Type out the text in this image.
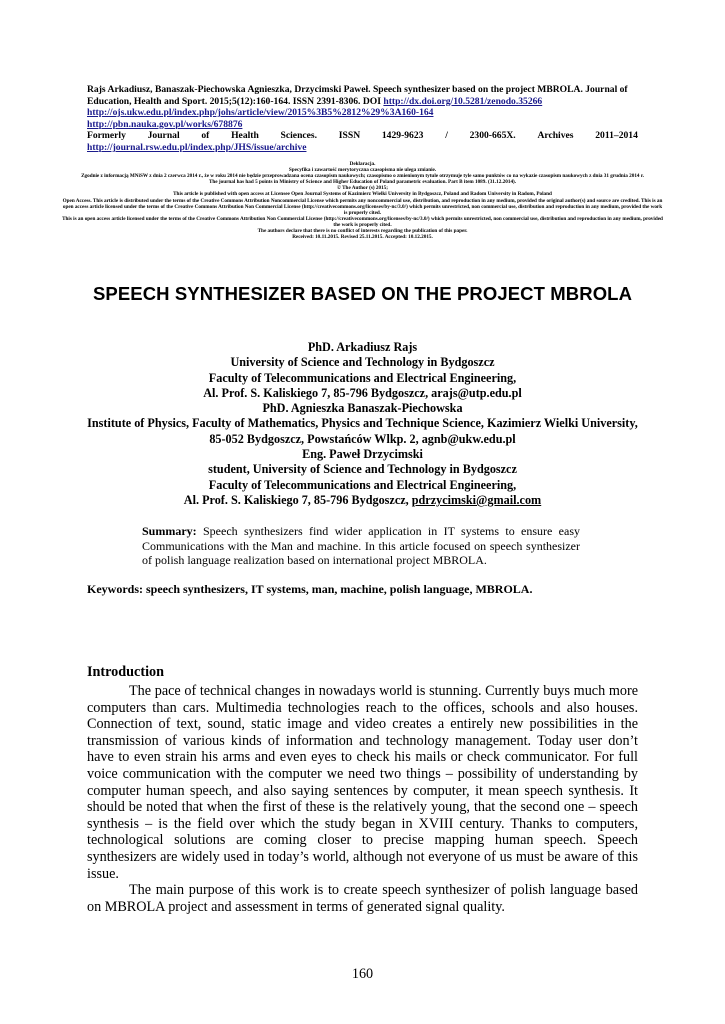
Rajs Arkadiusz, Banaszak-Piechowska Agnieszka, Drzycimski Paweł. Speech synthesizer based on the project MBROLA. Journal of Education, Health and Sport. 2015;5(12):160-164. ISSN 2391-8306. DOI http://dx.doi.org/10.5281/zenodo.35266
http://ojs.ukw.edu.pl/index.php/johs/article/view/2015%3B5%2812%29%3A160-164
http://pbn.nauka.gov.pl/works/678876
Formerly Journal of Health Sciences. ISSN 1429-9623 / 2300-665X. Archives 2011–2014
http://journal.rsw.edu.pl/index.php/JHS/issue/archive
Deklaracja.
Specyfika i zawartość merytoryczna czasopisma nie ulega zmianie.
Zgodnie z informacją MNiSW z dnia 2 czerwca 2014 r., że w roku 2014 nie będzie przeprowadzana ocena czasopism naukowych; czasopismo o zmienionym tytule otrzymuje tyle samo punktów co na wykazie czasopism naukowych z dnia 31 grudnia 2014 r.
The journal has had 5 points in Ministry of Science and Higher Education of Poland parametric evaluation. Part B item 1089. (31.12.2014).
© The Author (s) 2015;
This article is published with open access at Licensee Open Journal Systems of Kazimierz Wielki University in Bydgoszcz, Poland and Radom University in Radom, Poland
Open Access. This article is distributed under the terms of the Creative Commons Attribution Noncommercial License which permits any noncommercial use, distribution, and reproduction in any medium, provided the original author(s) and source are credited. This is an open access article licensed under the terms of the Creative Commons Attribution Non Commercial License (http://creativecommons.org/licenses/by-nc/3.0/) which permits unrestricted, non commercial use, distribution and reproduction in any medium, provided the work is properly cited.
This is an open access article licensed under the terms of the Creative Commons Attribution Non Commercial License (http://creativecommons.org/licenses/by-nc/3.0/) which permits unrestricted, non commercial use, distribution and reproduction in any medium, provided the work is properly cited.
The authors declare that there is no conflict of interests regarding the publication of this paper.
Received: 10.11.2015. Revised 25.11.2015. Accepted: 10.12.2015.
SPEECH SYNTHESIZER BASED ON THE PROJECT MBROLA
PhD. Arkadiusz Rajs
University of Science and Technology in Bydgoszcz
Faculty of Telecommunications and Electrical Engineering,
Al. Prof. S. Kaliskiego 7, 85-796 Bydgoszcz, arajs@utp.edu.pl
PhD. Agnieszka Banaszak-Piechowska
Institute of Physics, Faculty of Mathematics, Physics and Technique Science, Kazimierz Wielki University,
85-052 Bydgoszcz, Powstańców Wlkp. 2, agnb@ukw.edu.pl
Eng. Paweł Drzycimski
student, University of Science and Technology in Bydgoszcz
Faculty of Telecommunications and Electrical Engineering,
Al. Prof. S. Kaliskiego 7, 85-796 Bydgoszcz, pdrzycimski@gmail.com
Summary: Speech synthesizers find wider application in IT systems to ensure easy Communications with the Man and machine. In this article focused on speech synthesizer of polish language realization based on international project MBROLA.
Keywords: speech synthesizers, IT systems, man, machine, polish language, MBROLA.
Introduction

The pace of technical changes in nowadays world is stunning. Currently buys much more computers than cars. Multimedia technologies reach to the offices, schools and also houses. Connection of text, sound, static image and video creates a entirely new possibilities in the transmission of various kinds of information and technology management. Today user don’t have to even strain his arms and even eyes to check his mails or check communicator. For full voice communication with the computer we need two things – possibility of understanding by computer human speech, and also saying sentences by computer, it mean speech synthesis. It should be noted that when the first of these is the relatively young, that the second one – speech synthesis – is the field over which the study began in XVIII century. Thanks to computers, technological solutions are coming closer to precise mapping human speech. Speech synthesizers are widely used in today’s world, although not everyone of us must be aware of this issue.

The main purpose of this work is to create speech synthesizer of polish language based on MBROLA project and assessment in terms of generated signal quality.

160
